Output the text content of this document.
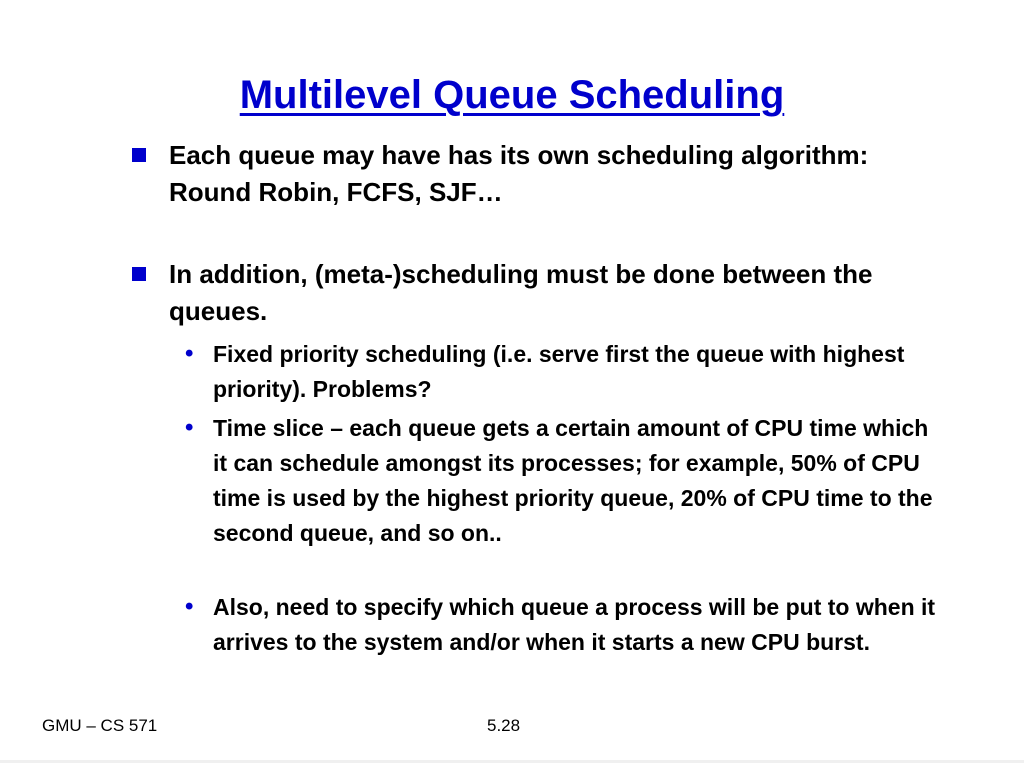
Multilevel Queue Scheduling
Each queue may have has its own scheduling algorithm: Round Robin, FCFS, SJF…
In addition, (meta-)scheduling must be done between the queues.
• Fixed priority scheduling (i.e. serve first the queue with highest priority). Problems?
• Time slice – each queue gets a certain amount of CPU time which it can schedule amongst its processes; for example, 50% of CPU time is used by the highest priority queue, 20% of CPU time to the second queue, and so on..
• Also, need to specify which queue a process will be put to when it arrives to the system and/or when it starts a new CPU burst.
GMU – CS 571	5.28
